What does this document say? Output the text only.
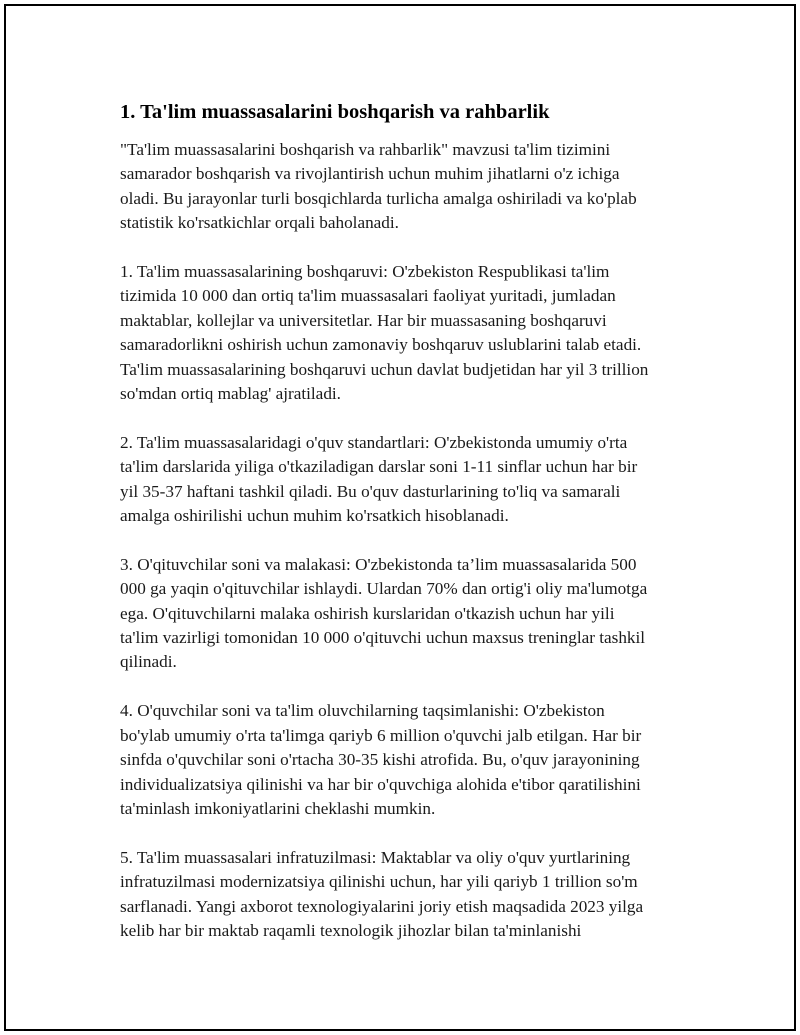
1. Ta'lim muassasalarini boshqarish va rahbarlik

"Ta'lim muassasalarini boshqarish va rahbarlik" mavzusi ta'lim tizimini
samarador boshqarish va rivojlantirish uchun muhim jihatlarni o'z ichiga
oladi. Bu jarayonlar turli bosqichlarda turlicha amalga oshiriladi va ko'plab
statistik ko'rsatkichlar orqali baholanadi.

1. Ta'lim muassasalarining boshqaruvi: O'zbekiston Respublikasi ta'lim
tizimida 10 000 dan ortiq ta'lim muassasalari faoliyat yuritadi, jumladan
maktablar, kollejlar va universitetlar. Har bir muassasaning boshqaruvi
samaradorlikni oshirish uchun zamonaviy boshqaruv uslublarini talab etadi.
Ta'lim muassasalarining boshqaruvi uchun davlat budjetidan har yil 3 trillion
so'mdan ortiq mablag' ajratiladi.

2. Ta'lim muassasalaridagi o'quv standartlari: O'zbekistonda umumiy o'rta
ta'lim darslarida yiliga o'tkaziladigan darslar soni 1-11 sinflar uchun har bir
yil 35-37 haftani tashkil qiladi. Bu o'quv dasturlarining to'liq va samarali
amalga oshirilishi uchun muhim ko'rsatkich hisoblanadi.

3. O'qituvchilar soni va malakasi: O'zbekistonda ta’lim muassasalarida 500
000 ga yaqin o'qituvchilar ishlaydi. Ulardan 70% dan ortig'i oliy ma'lumotga
ega. O'qituvchilarni malaka oshirish kurslaridan o'tkazish uchun har yili
ta'lim vazirligi tomonidan 10 000 o'qituvchi uchun maxsus treninglar tashkil
qilinadi.

4. O'quvchilar soni va ta'lim oluvchilarning taqsimlanishi: O'zbekiston
bo'ylab umumiy o'rta ta'limga qariyb 6 million o'quvchi jalb etilgan. Har bir
sinfda o'quvchilar soni o'rtacha 30-35 kishi atrofida. Bu, o'quv jarayonining
individualizatsiya qilinishi va har bir o'quvchiga alohida e'tibor qaratilishini
ta'minlash imkoniyatlarini cheklashi mumkin.

5. Ta'lim muassasalari infratuzilmasi: Maktablar va oliy o'quv yurtlarining
infratuzilmasi modernizatsiya qilinishi uchun, har yili qariyb 1 trillion so'm
sarflanadi. Yangi axborot texnologiyalarini joriy etish maqsadida 2023 yilga
kelib har bir maktab raqamli texnologik jihozlar bilan ta'minlanishi
